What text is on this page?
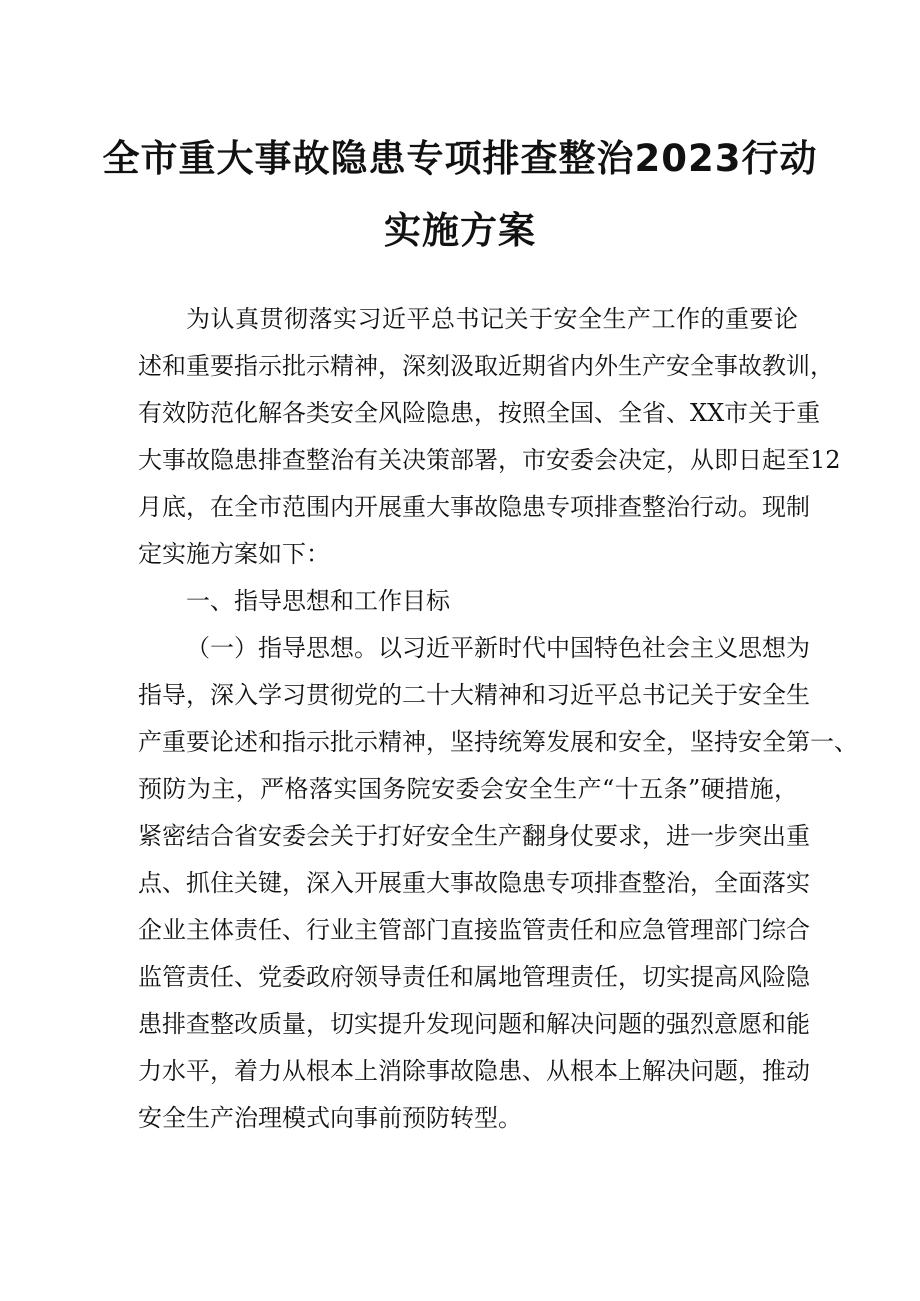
全市重大事故隐患专项排查整治2023行动
实施方案
为认真贯彻落实习近平总书记关于安全生产工作的重要论
述和重要指示批示精神，深刻汲取近期省内外生产安全事故教训，
有效防范化解各类安全风险隐患，按照全国、全省、XX市关于重
大事故隐患排查整治有关决策部署，市安委会决定，从即日起至12
月底，在全市范围内开展重大事故隐患专项排查整治行动。现制
定实施方案如下：
一、指导思想和工作目标
（一）指导思想。以习近平新时代中国特色社会主义思想为
指导，深入学习贯彻党的二十大精神和习近平总书记关于安全生
产重要论述和指示批示精神，坚持统筹发展和安全，坚持安全第一、
预防为主，严格落实国务院安委会安全生产“十五条”硬措施，
紧密结合省安委会关于打好安全生产翻身仗要求，进一步突出重
点、抓住关键，深入开展重大事故隐患专项排查整治，全面落实
企业主体责任、行业主管部门直接监管责任和应急管理部门综合
监管责任、党委政府领导责任和属地管理责任，切实提高风险隐
患排查整改质量，切实提升发现问题和解决问题的强烈意愿和能
力水平，着力从根本上消除事故隐患、从根本上解决问题，推动
安全生产治理模式向事前预防转型。
